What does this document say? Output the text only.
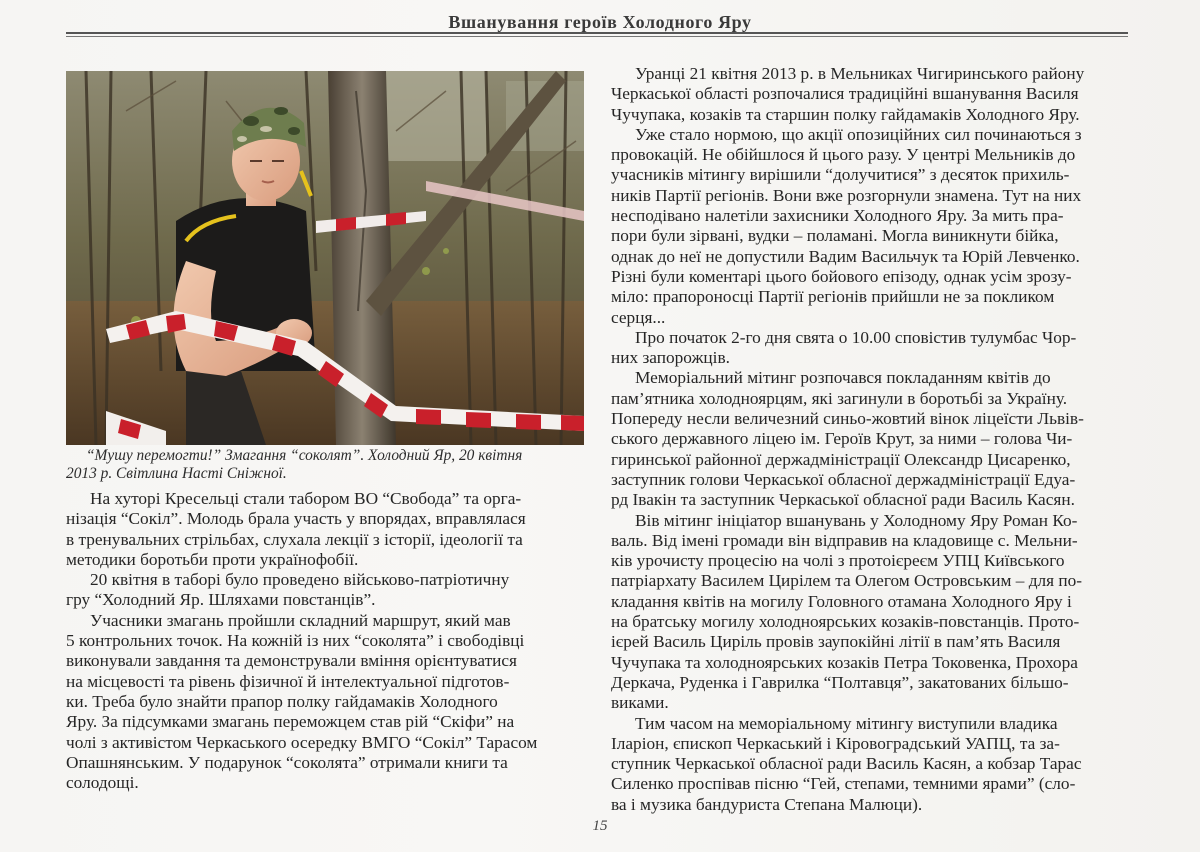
Вшанування героїв Холодного Яру

“Мушу перемогти!” Змагання “соколят”. Холодний Яр, 20 квітня

2013 р. Світлина Насті Сніжної.

На хуторі Кресельці стали табором ВО “Свобода” та орга-

нізація “Сокіл”. Молодь брала участь у впорядах, вправлялася

в тренувальних стрільбах, слухала лекції з історії, ідеології та

методики боротьби проти українофобії.

20 квітня в таборі було проведено військово-патріотичну

гру “Холодний Яр. Шляхами повстанців”.

Учасники змагань пройшли складний маршрут, який мав

5 контрольних точок. На кожній із них “соколята” і свободівці

виконували завдання та демонстрували вміння орієнтуватися

на місцевості та рівень фізичної й інтелектуальної підготов-

ки. Треба було знайти прапор полку гайдамаків Холодного

Яру. За підсумками змагань переможцем став рій “Скіфи” на

чолі з активістом Черкаського осередку ВМГО “Сокіл” Тарасом

Опашнянським. У подарунок “соколята” отримали книги та

солодощі.

Уранці 21 квітня 2013 р. в Мельниках Чигиринського району

Черкаської області розпочалися традиційні вшанування Василя

Чучупака, козаків та старшин полку гайдамаків Холодного Яру.

Уже стало нормою, що акції опозиційних сил починаються з

провокацій. Не обійшлося й цього разу. У центрі Мельників до

учасників мітингу вирішили “долучитися” з десяток прихиль-

ників Партії регіонів. Вони вже розгорнули знамена. Тут на них

несподівано налетіли захисники Холодного Яру. За мить пра-

пори були зірвані, вудки – поламані. Могла виникнути бійка,

однак до неї не допустили Вадим Васильчук та Юрій Левченко.

Різні були коментарі цього бойового епізоду, однак усім зрозу-

міло: прапороносці Партії регіонів прийшли не за покликом

серця...

Про початок 2-го дня свята о 10.00 сповістив тулумбас Чор-

них запорожців.

Меморіальний мітинг розпочався покладанням квітів до

пам’ятника холодноярцям, які загинули в боротьбі за Україну.

Попереду несли величезний синьо-жовтий вінок ліцеїсти Львів-

ського державного ліцею ім. Героїв Крут, за ними – голова Чи-

гиринської районної держадміністрації Олександр Цисаренко,

заступник голови Черкаської обласної держадміністрації Едуа-

рд Івакін та заступник Черкаської обласної ради Василь Касян.

Вів мітинг ініціатор вшанувань у Холодному Яру Роман Ко-

валь. Від імені громади він відправив на кладовище с. Мельни-

ків урочисту процесію на чолі з протоієреєм УПЦ Київського

патріархату Василем Цирілем та Олегом Островським – для по-

кладання квітів на могилу Головного отамана Холодного Яру і

на братську могилу холодноярських козаків-повстанців. Прото-

ієрей Василь Циріль провів заупокійні літії в пам’ять Василя

Чучупака та холодноярських козаків Петра Токовенка, Прохора

Деркача, Руденка і Гаврилка “Полтавця”, закатованих більшо-

виками.

Тим часом на меморіальному мітингу виступили владика

Іларіон, єпископ Черкаський і Кіровоградський УАПЦ, та за-

ступник Черкаської обласної ради Василь Касян, а кобзар Тарас

Силенко проспівав пісню “Гей, степами, темними ярами” (сло-

ва і музика бандуриста Степана Малюци).

15
